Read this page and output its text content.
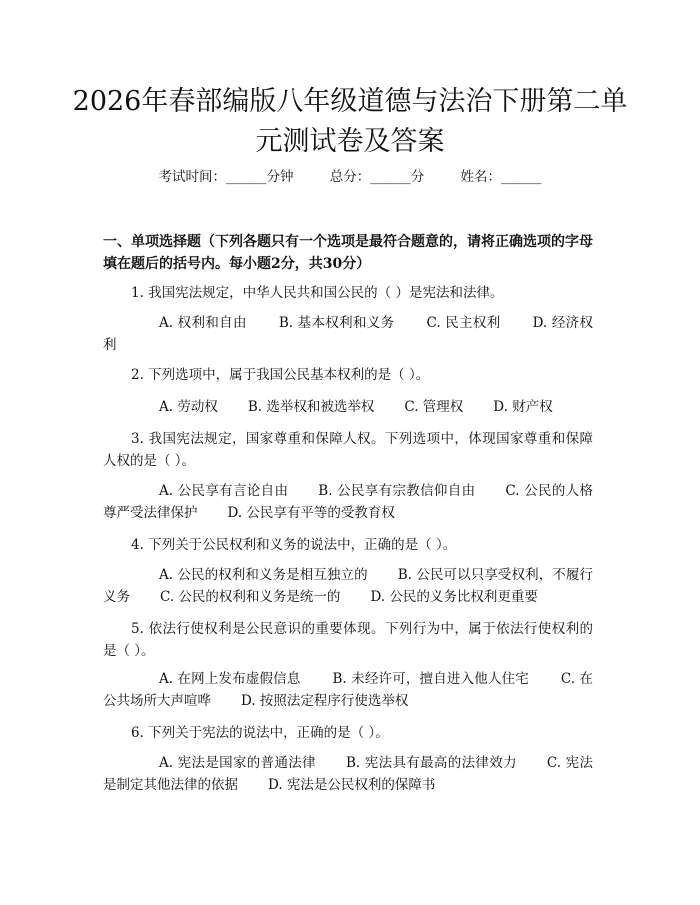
2026年春部编版八年级道德与法治下册第二单元测试卷及答案
考试时间：______分钟	总分：______分	姓名：______
一、单项选择题（下列各题只有一个选项是最符合题意的，请将正确选项的字母填在题后的括号内。每小题2分，共30分）
1. 我国宪法规定，中华人民共和国公民的（ ）是宪法和法律。
A. 权利和自由 B. 基本权利和义务 C. 民主权利 D. 经济权利
2. 下列选项中，属于我国公民基本权利的是（ ）。
A. 劳动权 B. 选举权和被选举权 C. 管理权 D. 财产权
3. 我国宪法规定，国家尊重和保障人权。下列选项中，体现国家尊重和保障人权的是（ ）。
A. 公民享有言论自由 B. 公民享有宗教信仰自由 C. 公民的人格尊严受法律保护 D. 公民享有平等的受教育权
4. 下列关于公民权利和义务的说法中，正确的是（ ）。
A. 公民的权利和义务是相互独立的 B. 公民可以只享受权利，不履行义务 C. 公民的权利和义务是统一的 D. 公民的义务比权利更重要
5. 依法行使权利是公民意识的重要体现。下列行为中，属于依法行使权利的是（ ）。
A. 在网上发布虚假信息 B. 未经许可，擅自进入他人住宅 C. 在公共场所大声喧哗 D. 按照法定程序行使选举权
6. 下列关于宪法的说法中，正确的是（ ）。
A. 宪法是国家的普通法律 B. 宪法具有最高的法律效力 C. 宪法是制定其他法律的依据 D. 宪法是公民权利的保障书
